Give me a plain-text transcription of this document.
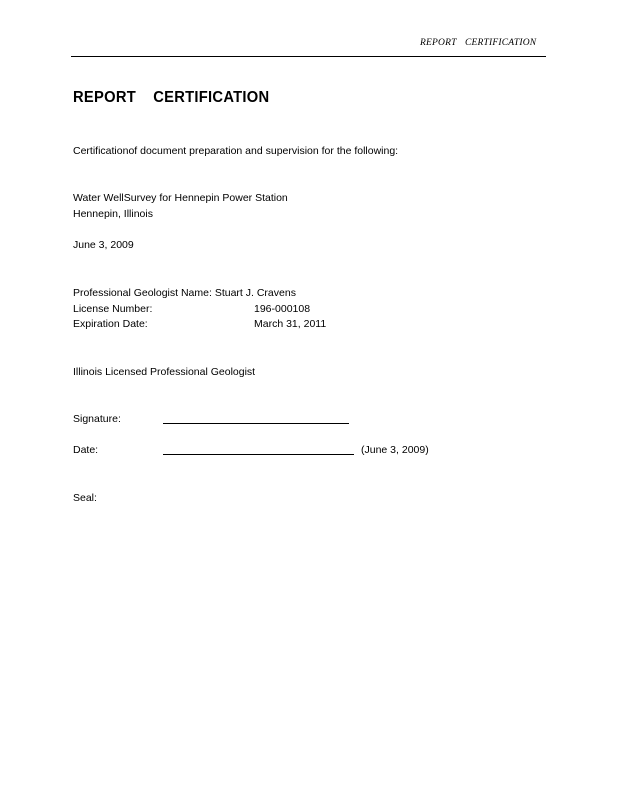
REPORT CERTIFICATION
REPORT CERTIFICATION
Certificationof document preparation and supervision for the following:
Water WellSurvey for Hennepin Power Station
Hennepin, Illinois
June 3, 2009
Professional Geologist Name: Stuart J. Cravens
License Number:	196-000108
Expiration Date:	March 31, 2011
Illinois Licensed Professional Geologist
Signature:
Date:	(June 3, 2009)
Seal:
